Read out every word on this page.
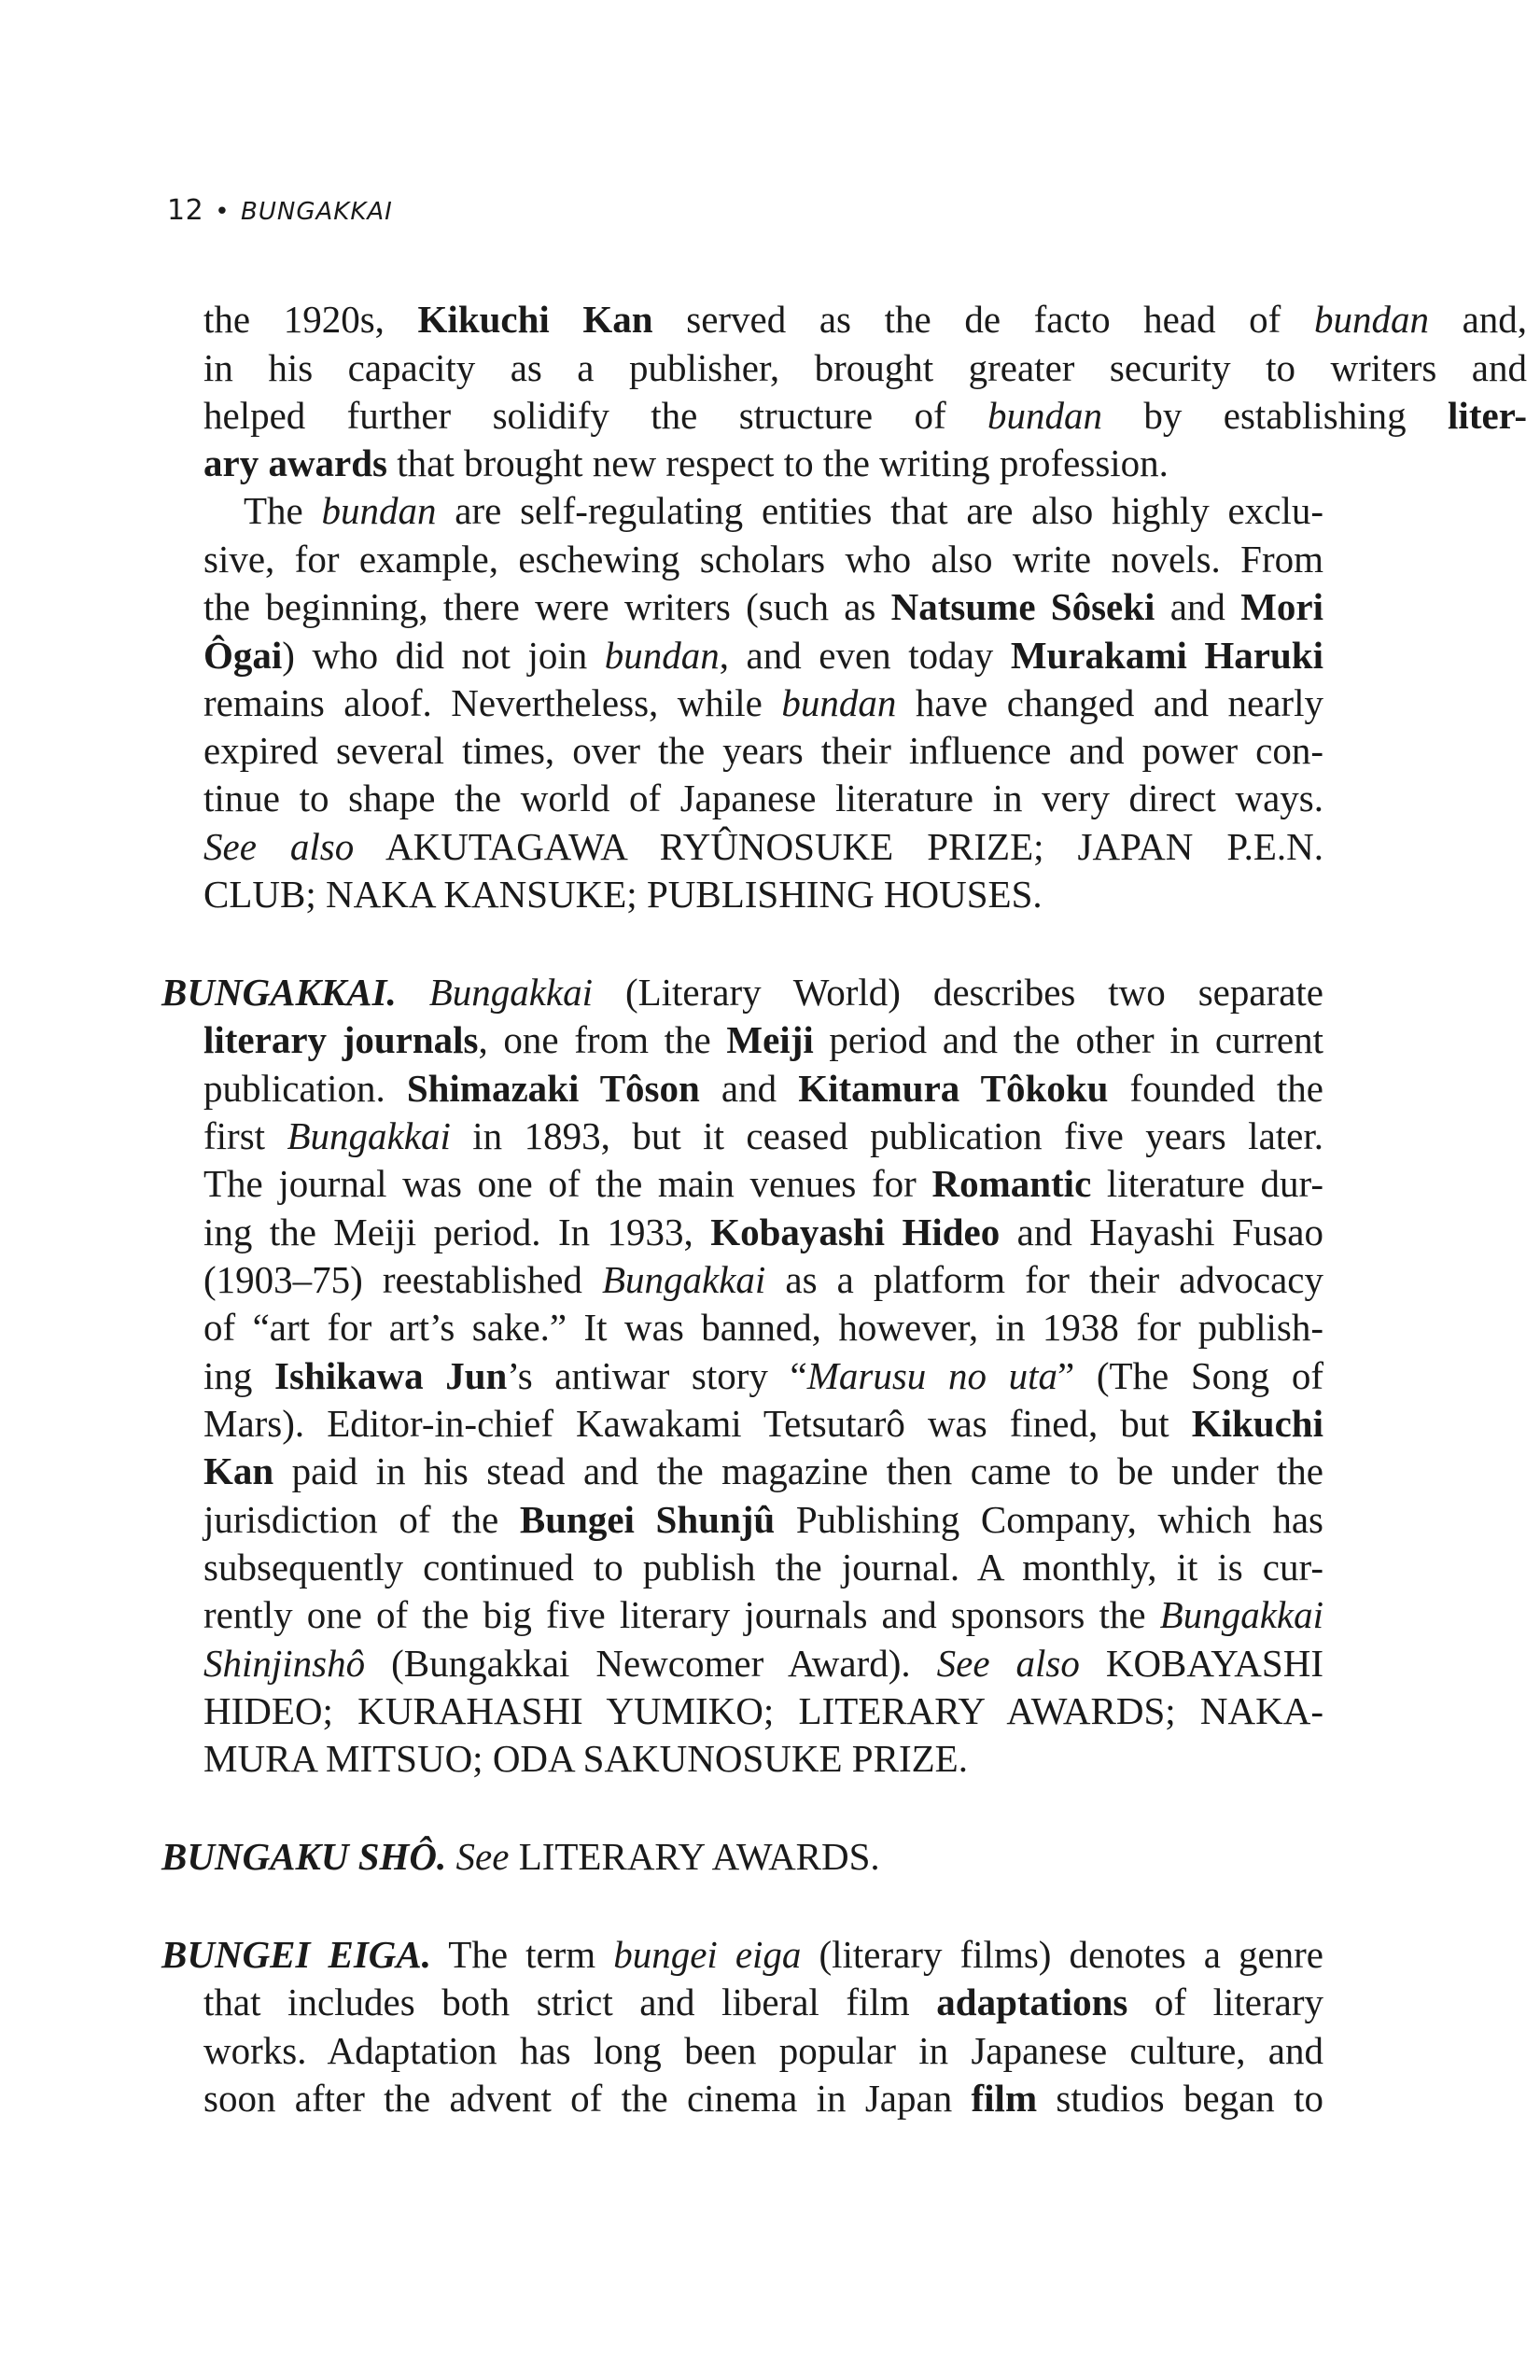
12 • BUNGAKKAI

the 1920s, Kikuchi Kan served as the de facto head of bundan and,

in his capacity as a publisher, brought greater security to writers and

helped further solidify the structure of bundan by establishing liter-

ary awards that brought new respect to the writing profession.

The bundan are self-regulating entities that are also highly exclu-

sive, for example, eschewing scholars who also write novels. From

the beginning, there were writers (such as Natsume Sôseki and Mori

Ôgai) who did not join bundan, and even today Murakami Haruki

remains aloof. Nevertheless, while bundan have changed and nearly

expired several times, over the years their influence and power con-

tinue to shape the world of Japanese literature in very direct ways.

See also AKUTAGAWA RYÛNOSUKE PRIZE; JAPAN P.E.N.

CLUB; NAKA KANSUKE; PUBLISHING HOUSES.

BUNGAKKAI. Bungakkai (Literary World) describes two separate

literary journals, one from the Meiji period and the other in current

publication. Shimazaki Tôson and Kitamura Tôkoku founded the

first Bungakkai in 1893, but it ceased publication five years later.

The journal was one of the main venues for Romantic literature dur-

ing the Meiji period. In 1933, Kobayashi Hideo and Hayashi Fusao

(1903–75) reestablished Bungakkai as a platform for their advocacy

of “art for art’s sake.” It was banned, however, in 1938 for publish-

ing Ishikawa Jun’s antiwar story “Marusu no uta” (The Song of

Mars). Editor-in-chief Kawakami Tetsutarô was fined, but Kikuchi

Kan paid in his stead and the magazine then came to be under the

jurisdiction of the Bungei Shunjû Publishing Company, which has

subsequently continued to publish the journal. A monthly, it is cur-

rently one of the big five literary journals and sponsors the Bungakkai

Shinjinshô (Bungakkai Newcomer Award). See also KOBAYASHI

HIDEO; KURAHASHI YUMIKO; LITERARY AWARDS; NAKA-

MURA MITSUO; ODA SAKUNOSUKE PRIZE.

BUNGAKU SHÔ. See LITERARY AWARDS.

BUNGEI EIGA. The term bungei eiga (literary films) denotes a genre

that includes both strict and liberal film adaptations of literary

works. Adaptation has long been popular in Japanese culture, and

soon after the advent of the cinema in Japan film studios began to
